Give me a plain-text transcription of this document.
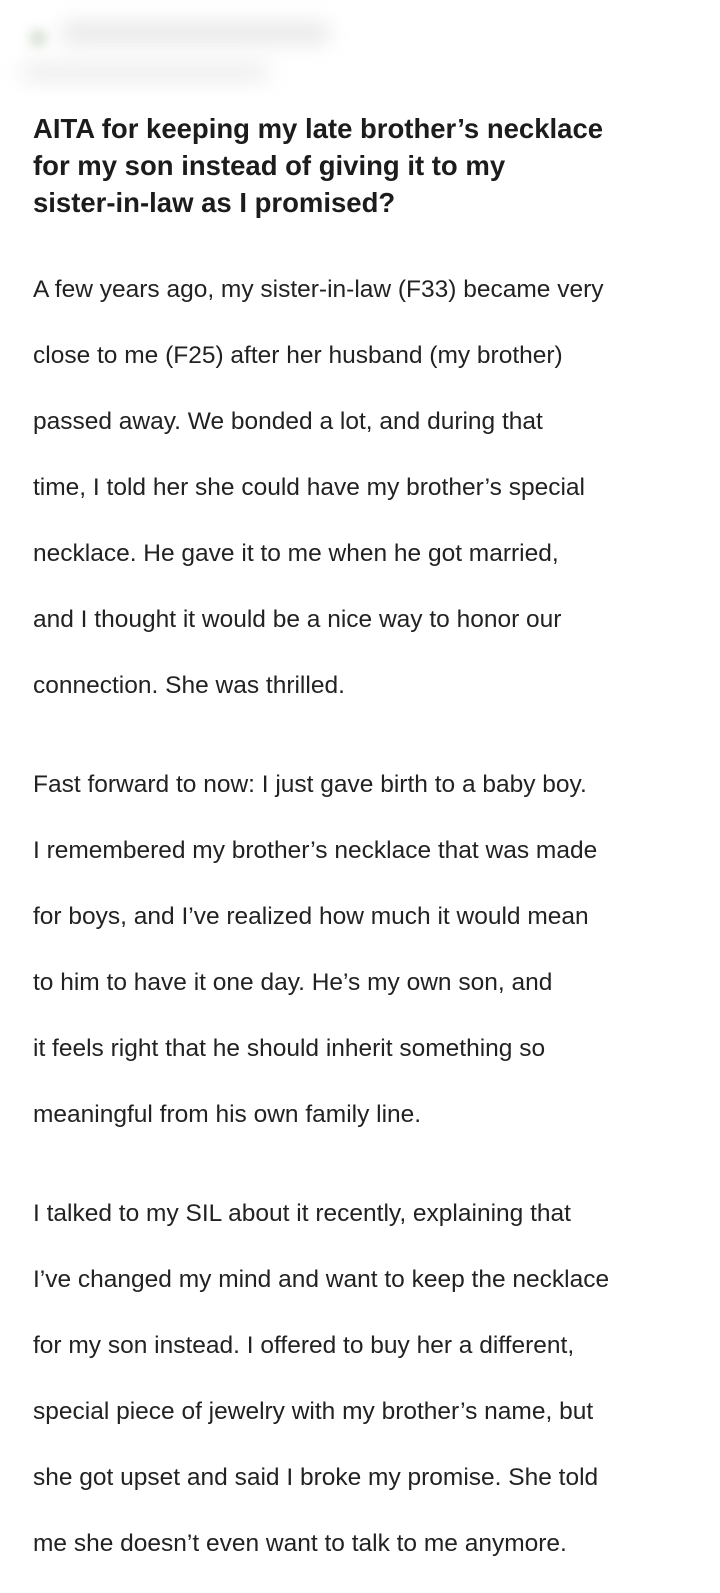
AITA for keeping my late brother’s necklace
for my son instead of giving it to my
sister-in-law as I promised?

A few years ago, my sister-in-law (F33) became very

close to me (F25) after her husband (my brother)

passed away. We bonded a lot, and during that

time, I told her she could have my brother’s special

necklace. He gave it to me when he got married,

and I thought it would be a nice way to honor our

connection. She was thrilled.

Fast forward to now: I just gave birth to a baby boy.

I remembered my brother’s necklace that was made

for boys, and I’ve realized how much it would mean

to him to have it one day. He’s my own son, and

it feels right that he should inherit something so

meaningful from his own family line.

I talked to my SIL about it recently, explaining that

I’ve changed my mind and want to keep the necklace

for my son instead. I offered to buy her a different,

special piece of jewelry with my brother’s name, but

she got upset and said I broke my promise. She told

me she doesn’t even want to talk to me anymore.
